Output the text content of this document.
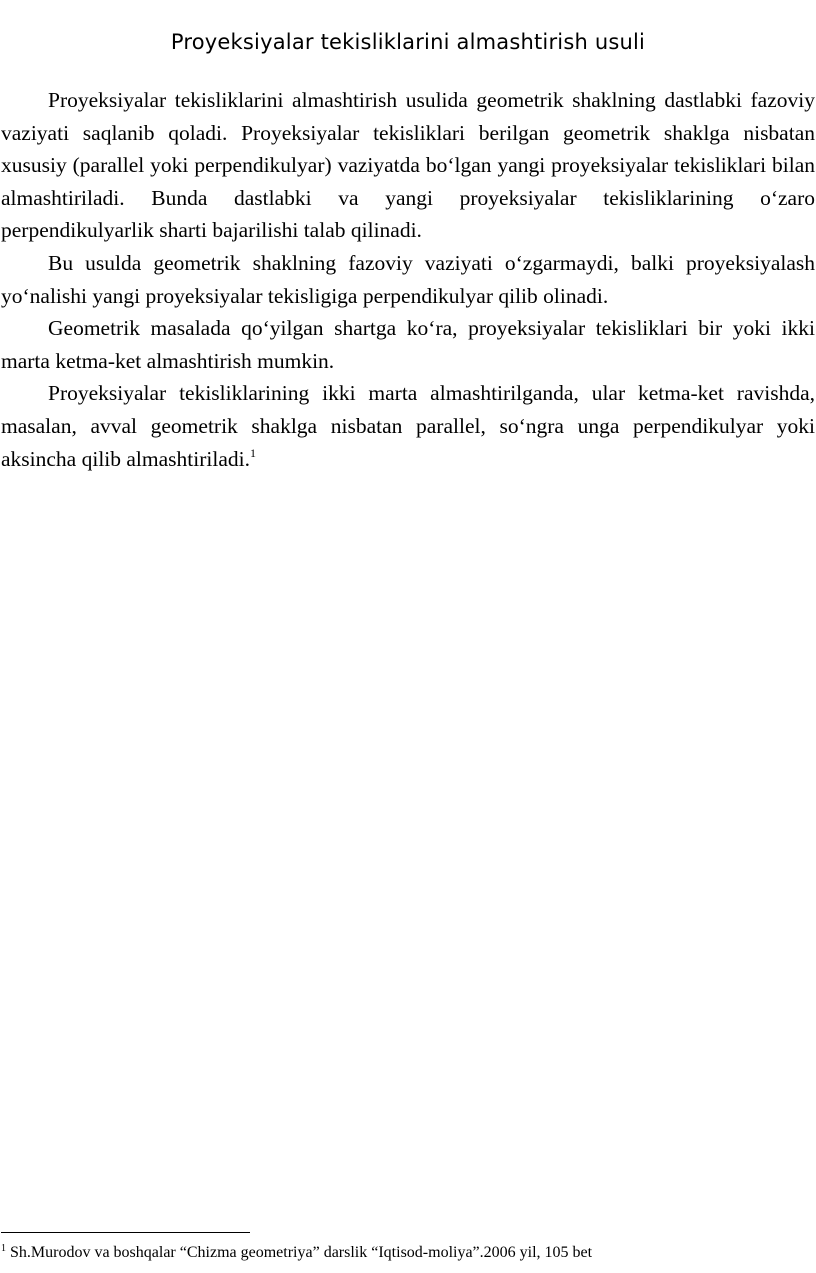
Proyeksiyalar tekisliklarini almashtirish usuli

Proyeksiyalar tekisliklarini almashtirish usulida geometrik shaklning dastlabki fazoviy vaziyati saqlanib qoladi. Proyeksiyalar tekisliklari berilgan geometrik shaklga nisbatan xususiy (parallel yoki perpendikulyar) vaziyatda bo‘lgan yangi proyeksiyalar tekisliklari bilan almashtiriladi. Bunda dastlabki va yangi proyeksiyalar tekisliklarining o‘zaro perpendikulyarlik sharti bajarilishi talab qilinadi.

Bu usulda geometrik shaklning fazoviy vaziyati o‘zgarmaydi, balki proyeksiyalash yo‘nalishi yangi proyeksiyalar tekisligiga perpendikulyar qilib olinadi.

Geometrik masalada qo‘yilgan shartga ko‘ra, proyeksiyalar tekisliklari bir yoki ikki marta ketma-ket almashtirish mumkin.

Proyeksiyalar tekisliklarining ikki marta almashtirilganda, ular ketma-ket ravishda, masalan, avval geometrik shaklga nisbatan parallel, so‘ngra unga perpendikulyar yoki aksincha qilib almashtiriladi.$^1$

$^1$ Sh.Murodov va boshqalar “Chizma geometriya” darslik “Iqtisod-moliya”.2006 yil, 105 bet
